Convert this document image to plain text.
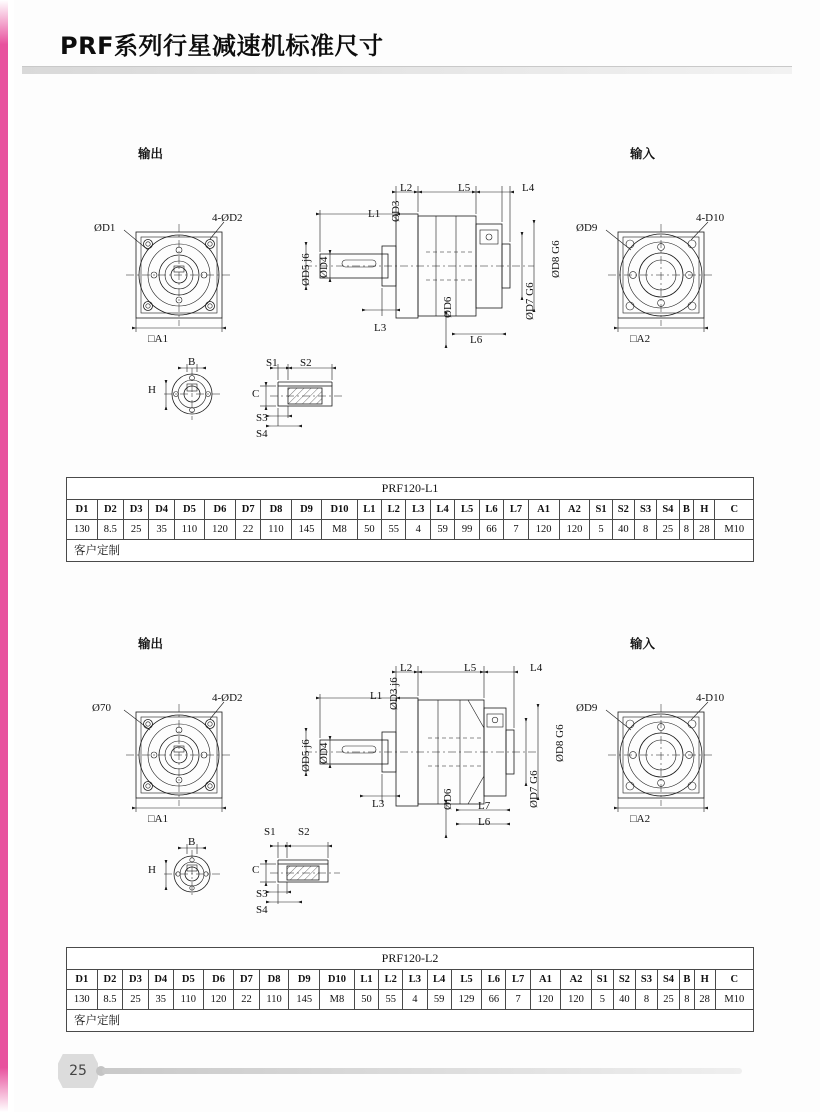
PRF系列行星减速机标准尺寸
输出	输入
4-ØD2
ØD1
□A1
B
H
S1 S2
C
S3
S4
L2	L5	L4
ØD3
L1
ØD5 j6 ØD4
L3
ØD6
L6
ØD7 G6
ØD8 G6
4-D10
ØD9
□A2
PRF120-L1																									
D1	D2	D3	D4	D5	D6	D7	D8	D9	D10	L1	L2	L3	L4	L5	L6	L7	A1	A2	S1	S2	S3	S4	B	H	C
130	8.5	25	35	110	120	22	110	145	M8	50	55	4	59	99	66	7	120	120	5	40	8	25	8	28	M10
客户定制																									
输出	输入
4-ØD2
Ø70
□A1
B
H
S1 S2
C
S3
S4
L2	L5	L4
ØD3 j6
L1
ØD5 j6 ØD4
L3	ØD6 L7
L6
ØD7 G6
ØD8 G6
4-D10
ØD9
□A2
PRF120-L2																									
D1	D2	D3	D4	D5	D6	D7	D8	D9	D10	L1	L2	L3	L4	L5	L6	L7	A1	A2	S1	S2	S3	S4	B	H	C
130	8.5	25	35	110	120	22	110	145	M8	50	55	4	59	129	66	7	120	120	5	40	8	25	8	28	M10
客户定制																									
25
